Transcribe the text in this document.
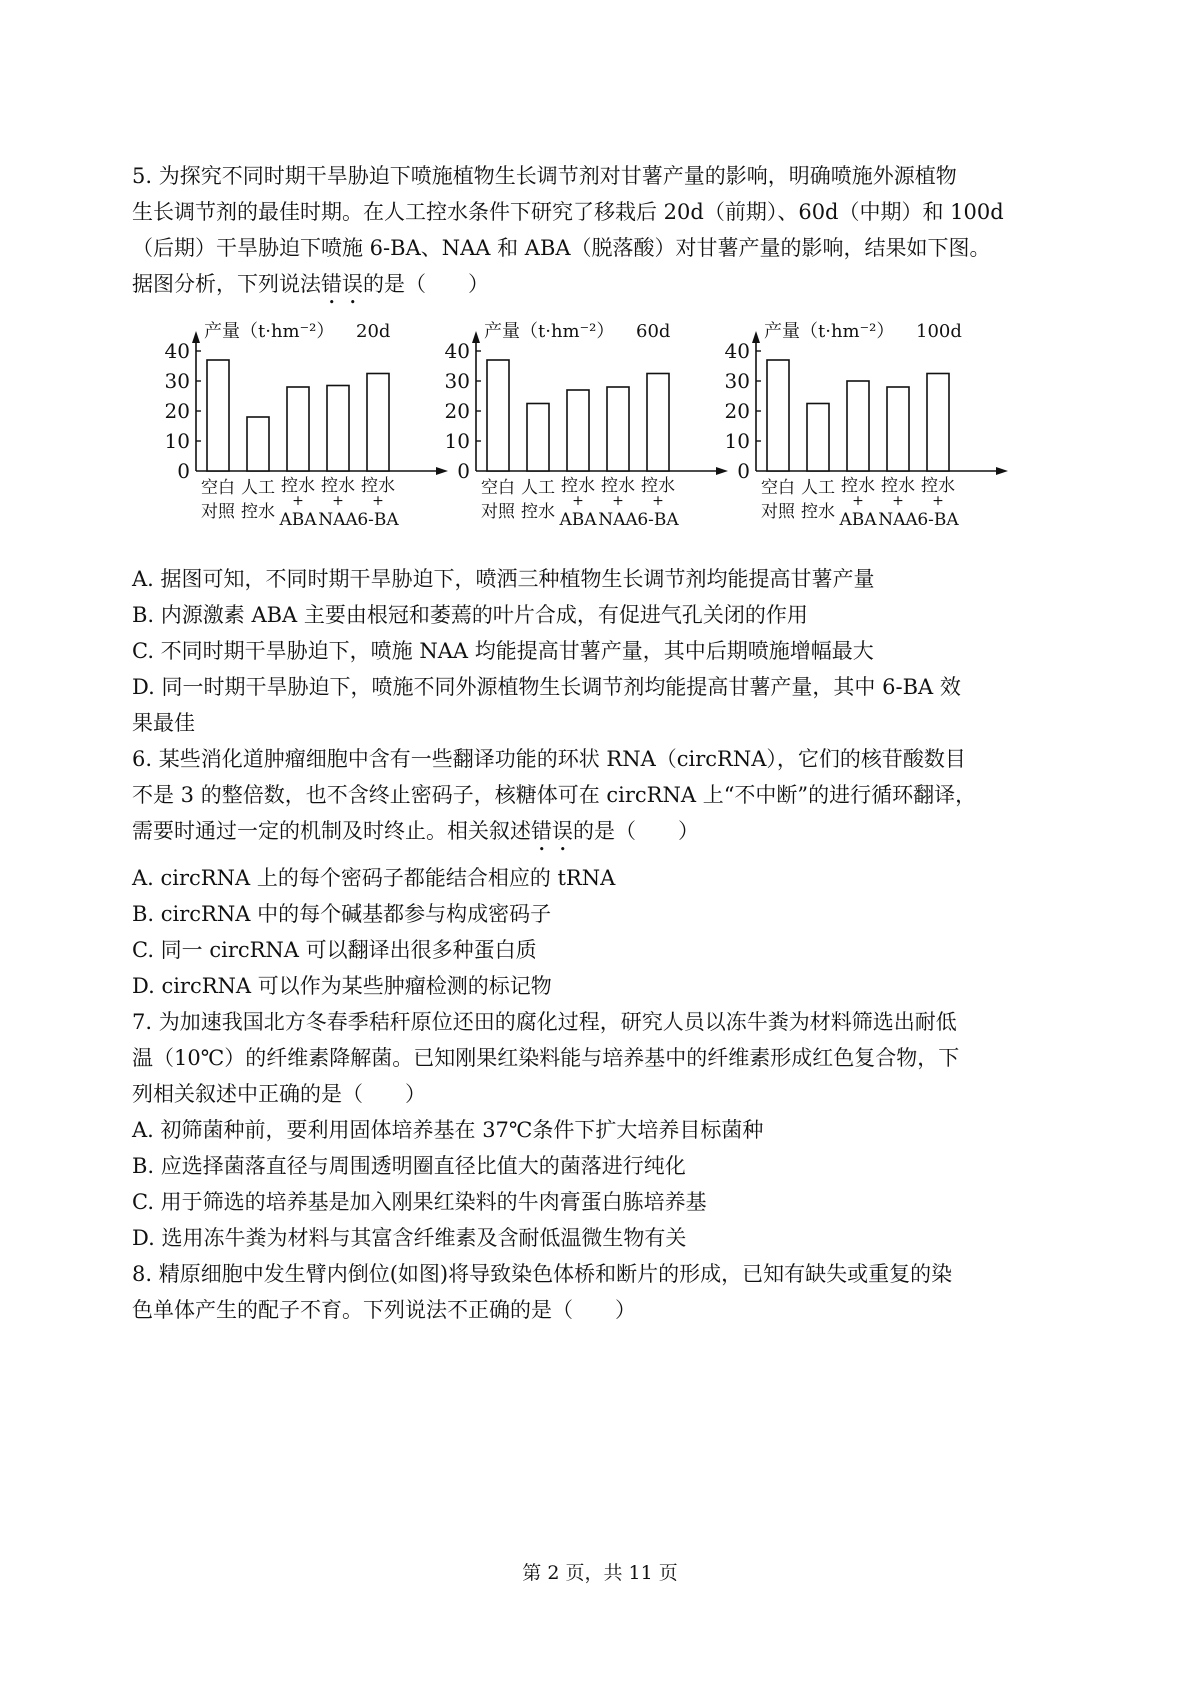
5. 为探究不同时期干旱胁迫下喷施植物生长调节剂对甘薯产量的影响，明确喷施外源植物

生长调节剂的最佳时期。在人工控水条件下研究了移栽后 20d（前期）、60d（中期）和 100d

（后期）干旱胁迫下喷施 6-BA、NAA 和 ABA（脱落酸）对甘薯产量的影响，结果如下图。

据图分析，下列说法错误的是（　　）

0
10
20
30
40
产量（t·hm⁻²） 20d
空白
对照
人工
控水
控水
+
ABA
控水
+
NAA
控水
+
6-BA
0
10
20
30
40
产量（t·hm⁻²） 60d
空白
对照
人工
控水
控水
+
ABA
控水
+
NAA
控水
+
6-BA
0
10
20
30
40
产量（t·hm⁻²） 100d
空白
对照
人工
控水
控水
+
ABA
控水
+
NAA
控水
+
6-BA

A. 据图可知，不同时期干旱胁迫下，喷洒三种植物生长调节剂均能提高甘薯产量

B. 内源激素 ABA 主要由根冠和萎蔫的叶片合成，有促进气孔关闭的作用

C. 不同时期干旱胁迫下，喷施 NAA 均能提高甘薯产量，其中后期喷施增幅最大

D. 同一时期干旱胁迫下，喷施不同外源植物生长调节剂均能提高甘薯产量，其中 6-BA 效

果最佳

6. 某些消化道肿瘤细胞中含有一些翻译功能的环状 RNA（circRNA），它们的核苷酸数目

不是 3 的整倍数，也不含终止密码子，核糖体可在 circRNA 上“不中断”的进行循环翻译，

需要时通过一定的机制及时终止。相关叙述错误的是（　　）

A. circRNA 上的每个密码子都能结合相应的 tRNA

B. circRNA 中的每个碱基都参与构成密码子

C. 同一 circRNA 可以翻译出很多种蛋白质

D. circRNA 可以作为某些肿瘤检测的标记物

7. 为加速我国北方冬春季秸秆原位还田的腐化过程，研究人员以冻牛粪为材料筛选出耐低

温（10℃）的纤维素降解菌。已知刚果红染料能与培养基中的纤维素形成红色复合物，下

列相关叙述中正确的是（　　）

A. 初筛菌种前，要利用固体培养基在 37℃条件下扩大培养目标菌种

B. 应选择菌落直径与周围透明圈直径比值大的菌落进行纯化

C. 用于筛选的培养基是加入刚果红染料的牛肉膏蛋白胨培养基

D. 选用冻牛粪为材料与其富含纤维素及含耐低温微生物有关

8. 精原细胞中发生臂内倒位(如图)将导致染色体桥和断片的形成，已知有缺失或重复的染

色单体产生的配子不育。下列说法不正确的是（　　）

第 2 页，共 11 页
